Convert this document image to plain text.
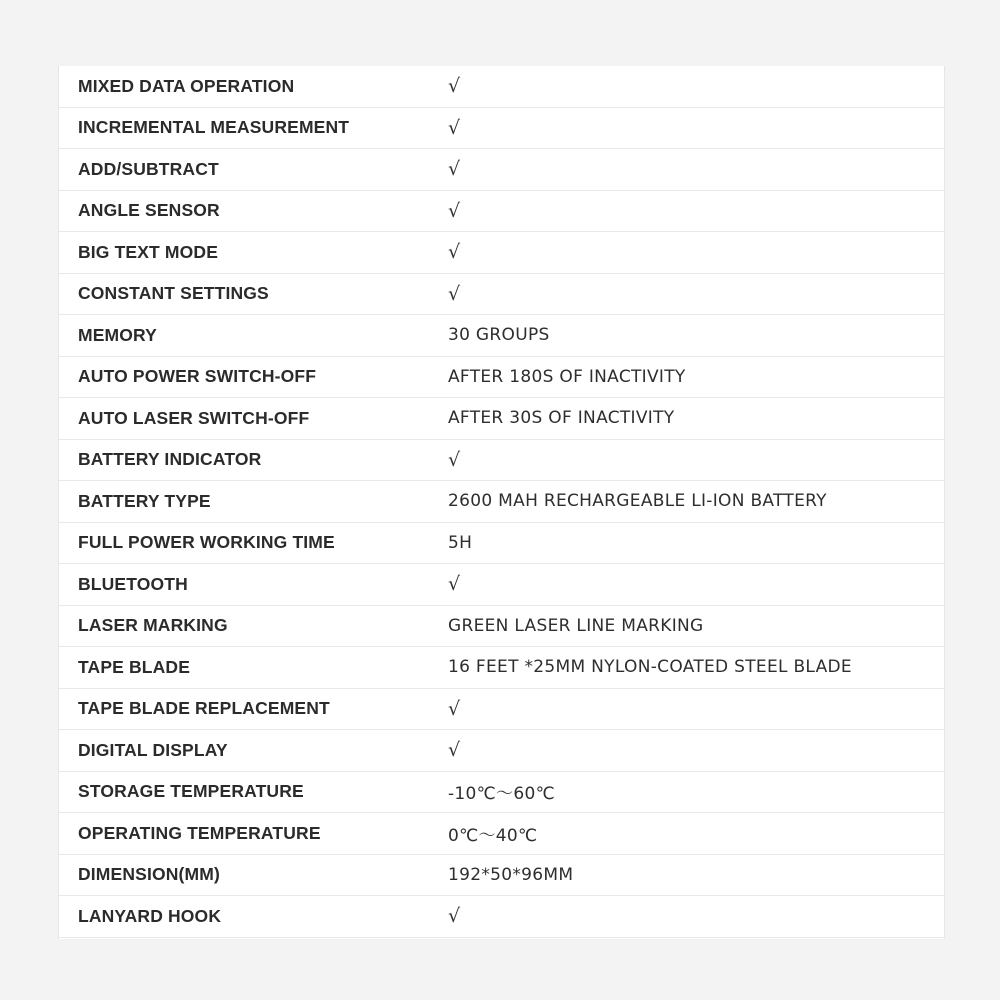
MIXED DATA OPERATION	√
INCREMENTAL MEASUREMENT	√
ADD/SUBTRACT	√
ANGLE SENSOR	√
BIG TEXT MODE	√
CONSTANT SETTINGS	√
MEMORY	30 GROUPS
AUTO POWER SWITCH-OFF	AFTER 180S OF INACTIVITY
AUTO LASER SWITCH-OFF	AFTER 30S OF INACTIVITY
BATTERY INDICATOR	√
BATTERY TYPE	2600 MAH RECHARGEABLE LI-ION BATTERY
FULL POWER WORKING TIME	5H
BLUETOOTH	√
LASER MARKING	GREEN LASER LINE MARKING
TAPE BLADE	16 FEET *25MM NYLON-COATED STEEL BLADE
TAPE BLADE REPLACEMENT	√
DIGITAL DISPLAY	√
STORAGE TEMPERATURE	-10℃～60℃
OPERATING TEMPERATURE	0℃～40℃
DIMENSION(MM)	192*50*96MM
LANYARD HOOK	√
